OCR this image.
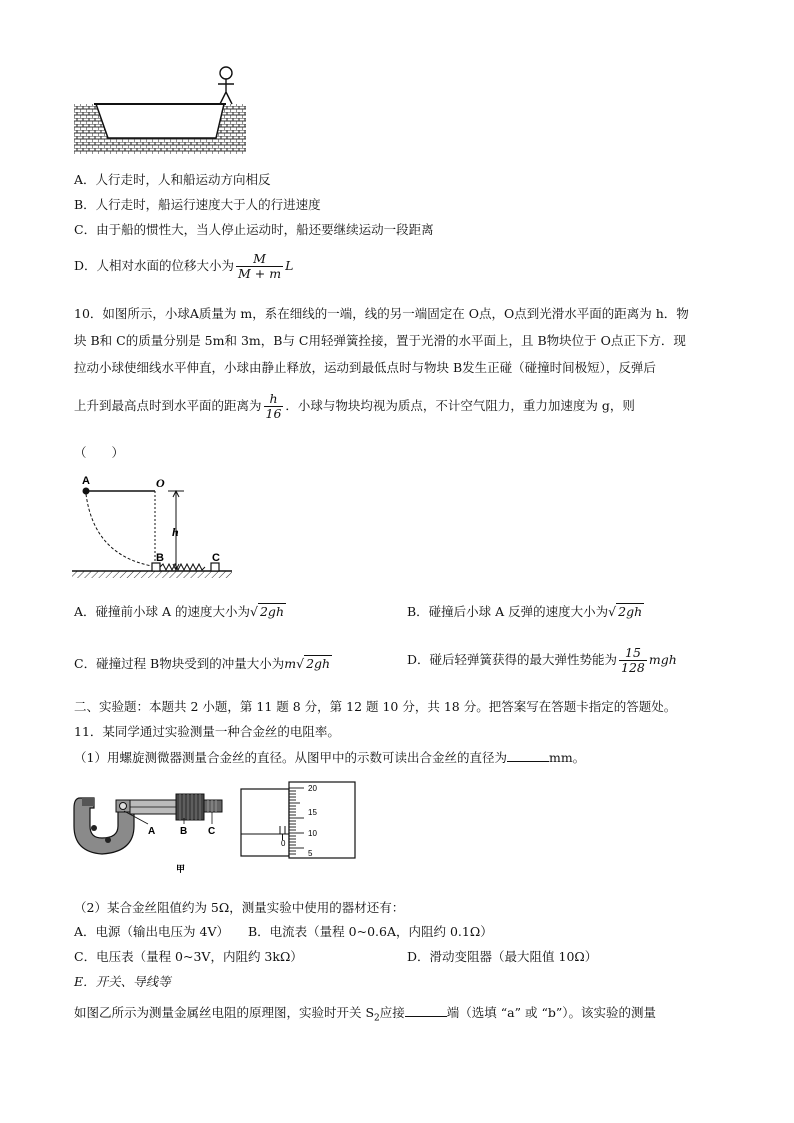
A．人行走时，人和船运动方向相反
B．人行走时，船运行速度大于人的行进速度
C．由于船的惯性大，当人停止运动时，船还要继续运动一段距离
D．人相对水面的位移大小为 $\frac{M}{M + m}$ L
10．如图所示，小球A质量为 m，系在细线的一端，线的另一端固定在 O点，O点到光滑水平面的距离为 h．物
块 B和 C的质量分别是 5m和 3m，B与 C用轻弹簧拴接，置于光滑的水平面上，且 B物块位于 O点正下方．现
拉动小球使细线水平伸直，小球由静止释放，运动到最低点时与物块 B发生正碰（碰撞时间极短），反弹后
上升到最高点时到水平面的距离为 $\frac{h}{16}$ ．小球与物块均视为质点，不计空气阻力，重力加速度为 g，则
（　　）
A	O
h
B	C
A．碰撞前小球 A 的速度大小为√ 2gh	B．碰撞后小球 A 反弹的速度大小为√ 2gh
C．碰撞过程 B物块受到的冲量大小为m√ 2gh	D．碰后轻弹簧获得的最大弹性势能为 $\frac{15}{128}$ mgh
二、实验题：本题共 2 小题，第 11 题 8 分，第 12 题 10 分，共 18 分。把答案写在答题卡指定的答题处。
11．某同学通过实验测量一种合金丝的电阻率。
（1）用螺旋测微器测量合金丝的直径。从图甲中的示数可读出合金丝的直径为	mm。
A B C
甲
0
20
15
10
5
（2）某合金丝阻值约为 5Ω，测量实验中使用的器材还有：
A．电源（输出电压为 4V） B．电流表（量程 0~0.6A，内阻约 0.1Ω）
C．电压表（量程 0~3V，内阻约 3kΩ）	D．滑动变阻器（最大阻值 10Ω）
E．开关、导线等
如图乙所示为测量金属丝电阻的原理图，实验时开关 $S_2$应接	端（选填 “a” 或 “b”）。该实验的测量
